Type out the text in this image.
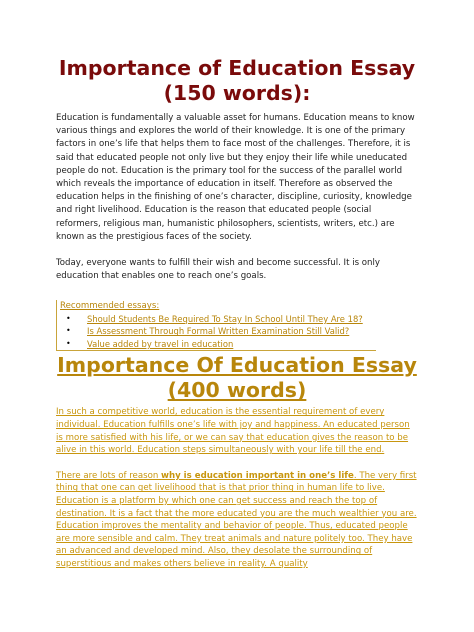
Importance of Education Essay (150 words):

Education is fundamentally a valuable asset for humans. Education means to know various things and explores the world of their knowledge. It is one of the primary factors in one’s life that helps them to face most of the challenges. Therefore, it is said that educated people not only live but they enjoy their life while uneducated people do not. Education is the primary tool for the success of the parallel world which reveals the importance of education in itself. Therefore as observed the education helps in the finishing of one’s character, discipline, curiosity, knowledge and right livelihood. Education is the reason that educated people (social reformers, religious man, humanistic philosophers, scientists, writers, etc.) are known as the prestigious faces of the society.

Today, everyone wants to fulfill their wish and become successful. It is only education that enables one to reach one’s goals.

Recommended essays:
•	Should Students Be Required To Stay In School Until They Are 18?
•	Is Assessment Through Formal Written Examination Still Valid?
•	Value added by travel in education
Importance Of Education Essay (400 words)

In such a competitive world, education is the essential requirement of every individual. Education fulfills one’s life with joy and happiness. An educated person is more satisfied with his life, or we can say that education gives the reason to be alive in this world. Education steps simultaneously with your life till the end.

There are lots of reason why is education important in one’s life. The very first thing that one can get livelihood that is that prior thing in human life to live. Education is a platform by which one can get success and reach the top of destination. It is a fact that the more educated you are the much wealthier you are.

Education improves the mentality and behavior of people. Thus, educated people are more sensible and calm. They treat animals and nature politely too. They have an advanced and developed mind. Also, they desolate the surrounding of superstitious and makes others believe in reality. A quality
